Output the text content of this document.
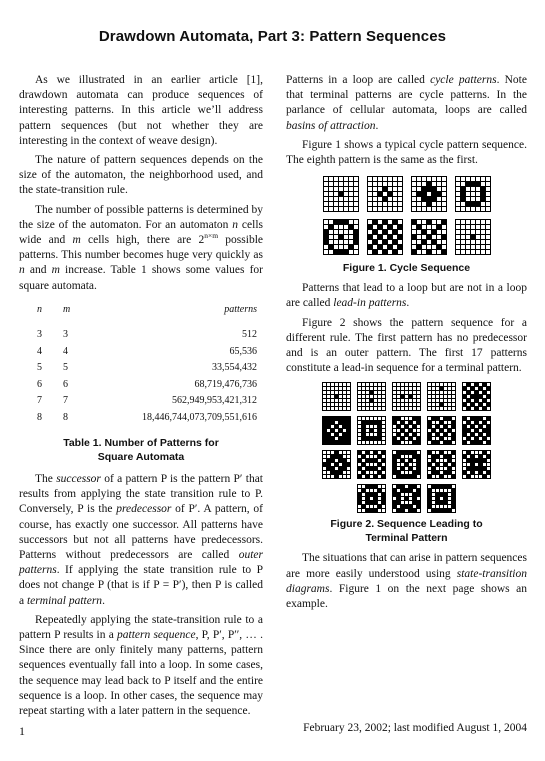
Drawdown Automata, Part 3: Pattern Sequences

As we illustrated in an earlier article [1], drawdown automata can produce sequences of interesting patterns. In this article we’ll address pattern sequences (but not whether they are interesting in the context of weave design).

The nature of pattern sequences depends on the size of the automaton, the neighborhood used, and the state-transition rule.

The number of possible patterns is determined by the size of the automaton. For an automaton n cells wide and m cells high, there are $2^{n\times m}$ possible patterns. This number becomes huge very quickly as n and m increase. Table 1 shows some values for square automata.

n	m	patterns
3	3	512
4	4	65,536
5	5	33,554,432
6	6	68,719,476,736
7	7	562,949,953,421,312
8	8	18,446,744,073,709,551,616
Table 1. Number of Patterns for
Square Automata

The successor of a pattern P is the pattern P′ that results from applying the state transition rule to P. Conversely, P is the predecessor of P′. A pattern, of course, has exactly one successor. All patterns have successors but not all patterns have predecessors. Patterns without predecessors are called outer patterns. If applying the state transition rule to P does not change P (that is if P = P′), then P is called a terminal pattern.

Repeatedly applying the state-transition rule to a pattern P results in a pattern sequence, P, P′, P′′, … . Since there are only finitely many patterns, pattern sequences eventually fall into a loop. In some cases, the sequence may lead back to P itself and the entire sequence is a loop. In other cases, the sequence may repeat starting with a later pattern in the sequence.

Patterns in a loop are called cycle patterns. Note that terminal patterns are cycle patterns. In the parlance of cellular automata, loops are called basins of attraction.

Figure 1 shows a typical cycle pattern sequence. The eighth pattern is the same as the first.

Figure 1. Cycle Sequence

Patterns that lead to a loop but are not in a loop are called lead-in patterns.

Figure 2 shows the pattern sequence for a different rule. The first pattern has no predecessor and is an outer pattern. The first 17 patterns constitute a lead-in sequence for a terminal pattern.

Figure 2. Sequence Leading to
Terminal Pattern

The situations that can arise in pattern sequences are more easily understood using state-transition diagrams. Figure 1 on the next page shows an example.

1	February 23, 2002; last modified August 1, 2004
